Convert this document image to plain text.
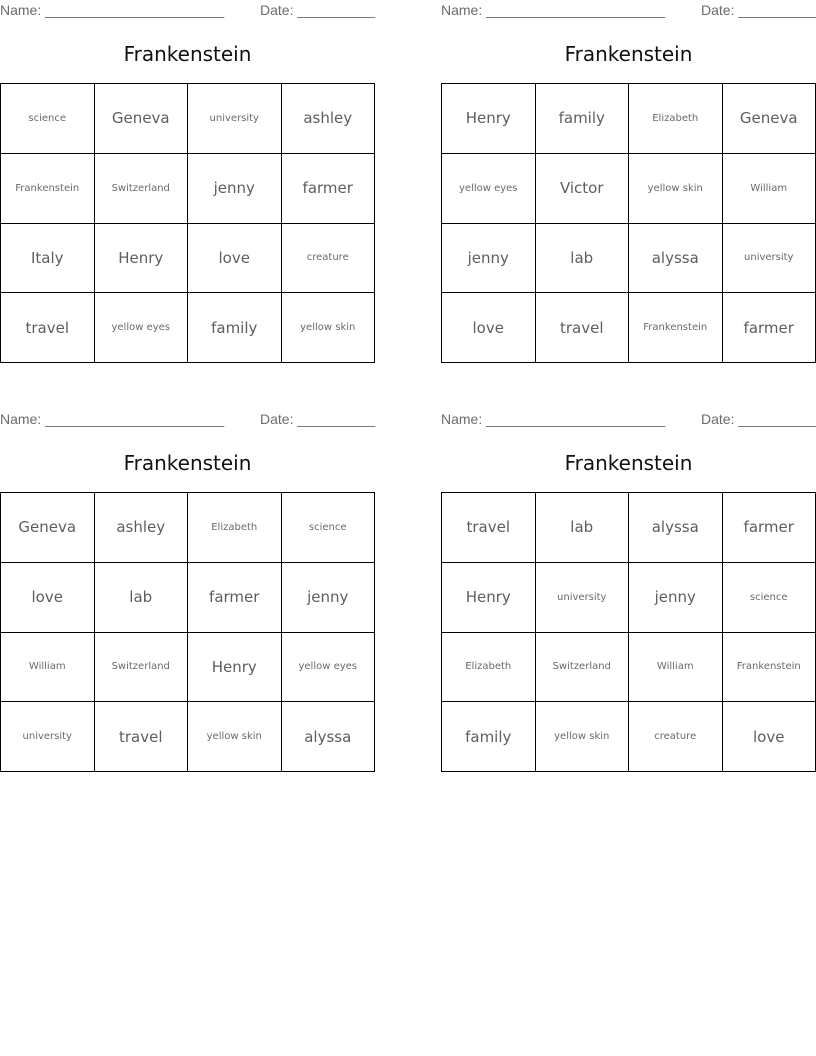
Name: _______________________	Date: __________
Frankenstein
science	Geneva	university	ashley
Frankenstein	Switzerland	jenny	farmer
Italy	Henry	love	creature
travel	yellow eyes	family	yellow skin
Name: _______________________	Date: __________
Frankenstein
Henry	family	Elizabeth	Geneva
yellow eyes	Victor	yellow skin	William
jenny	lab	alyssa	university
love	travel	Frankenstein	farmer
Name: _______________________	Date: __________
Frankenstein
Geneva	ashley	Elizabeth	science
love	lab	farmer	jenny
William	Switzerland	Henry	yellow eyes
university	travel	yellow skin	alyssa
Name: _______________________	Date: __________
Frankenstein
travel	lab	alyssa	farmer
Henry	university	jenny	science
Elizabeth	Switzerland	William	Frankenstein
family	yellow skin	creature	love
